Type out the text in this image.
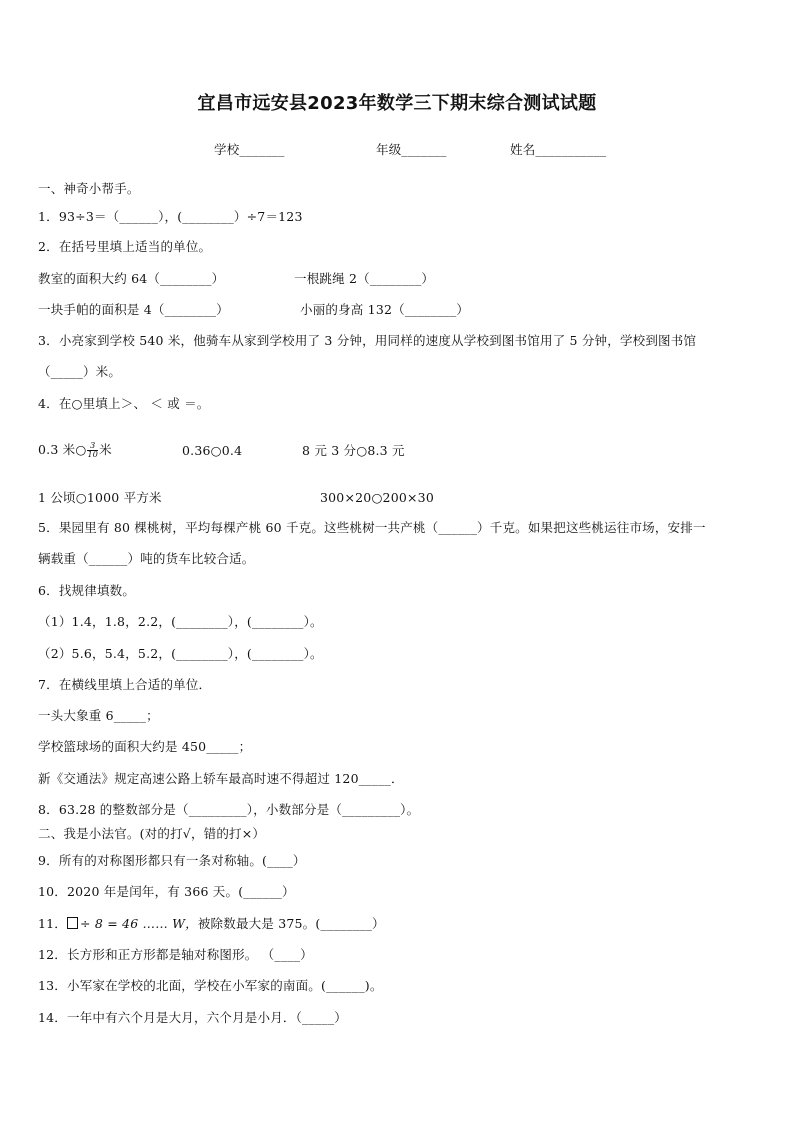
宜昌市远安县2023年数学三下期末综合测试试题
学校_______	年级_______	姓名___________
一、神奇小帮手。
1．93÷3＝（______），(________）÷7＝123
2．在括号里填上适当的单位。
教室的面积大约 64（________）	一根跳绳 2（________）
一块手帕的面积是 4（________）	小丽的身高 132（________）
3．小亮家到学校 540 米，他骑车从家到学校用了 3 分钟，用同样的速度从学校到图书馆用了 5 分钟，学校到图书馆
（_____）米。
4．在○里填上＞、 ＜ 或 ＝。
0.3 米○ $\frac{3}{10}$ 米	0.36○0.4	8 元 3 分○8.3 元
1 公顷○1000 平方米	300×20○200×30
5．果园里有 80 棵桃树，平均每棵产桃 60 千克。这些桃树一共产桃（______）千克。如果把这些桃运往市场，安排一
辆载重（______）吨的货车比较合适。
6．找规律填数。
（1）1.4，1.8，2.2，(________），(________）。
（2）5.6，5.4，5.2，(________），(________）。
7．在横线里填上合适的单位．
一头大象重 6_____；
学校篮球场的面积大约是 450_____；
新《交通法》规定高速公路上轿车最高时速不得超过 120_____．
8．63.28 的整数部分是（_________），小数部分是（_________）。
二、我是小法官。(对的打√，错的打×）
9．所有的对称图形都只有一条对称轴。(____）
10．2020 年是闰年，有 366 天。(______）
11． ÷ 8 = 46 …… W，被除数最大是 375。(________）
12．长方形和正方形都是轴对称图形。 （____）
13．小军家在学校的北面，学校在小军家的南面。(______)。
14．一年中有六个月是大月，六个月是小月．（_____）
